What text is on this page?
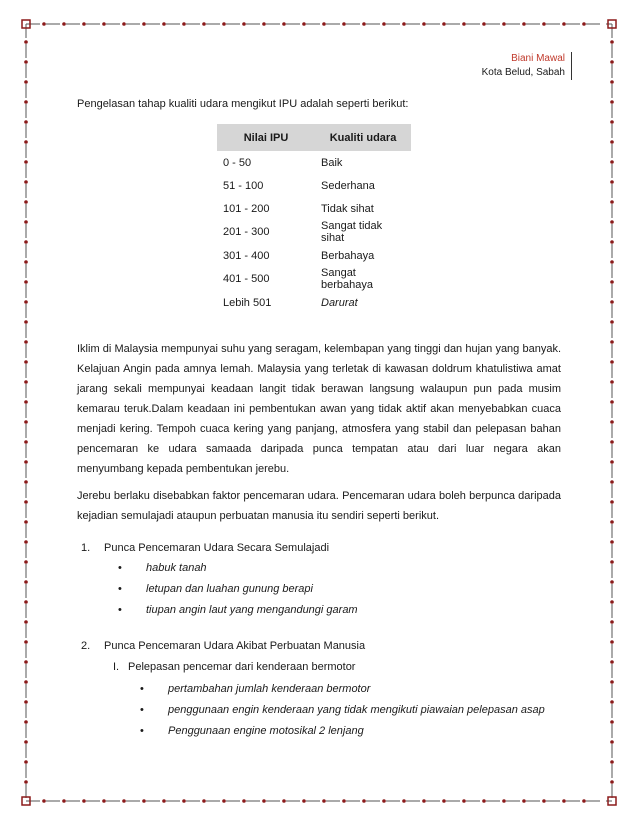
Biani Mawal
Kota Belud, Sabah
Pengelasan tahap kualiti udara mengikut IPU adalah seperti berikut:
Nilai IPU	Kualiti udara
0 - 50	Baik
51 - 100	Sederhana
101 - 200	Tidak sihat
201 - 300	Sangat tidak sihat
301 - 400	Berbahaya
401 - 500	Sangat berbahaya
Lebih 501	Darurat
Iklim di Malaysia mempunyai suhu yang seragam, kelembapan yang tinggi dan hujan yang banyak. Kelajuan Angin pada amnya lemah. Malaysia yang terletak di kawasan doldrum khatulistiwa amat jarang sekali mempunyai keadaan langit tidak berawan langsung walaupun pun pada musim kemarau teruk.Dalam keadaan ini pembentukan awan yang tidak aktif akan menyebabkan cuaca menjadi kering. Tempoh cuaca kering yang panjang, atmosfera yang stabil dan pelepasan bahan pencemaran ke udara samaada daripada punca tempatan atau dari luar negara akan menyumbang kepada pembentukan jerebu.
Jerebu berlaku disebabkan faktor pencemaran udara. Pencemaran udara boleh berpunca daripada kejadian semulajadi ataupun perbuatan manusia itu sendiri seperti berikut.
1. Punca Pencemaran Udara Secara Semulajadi
• habuk tanah
• letupan dan luahan gunung berapi
• tiupan angin laut yang mengandungi garam
2. Punca Pencemaran Udara Akibat Perbuatan Manusia
I. Pelepasan pencemar dari kenderaan bermotor
• pertambahan jumlah kenderaan bermotor
• penggunaan engin kenderaan yang tidak mengikuti piawaian pelepasan asap
• Penggunaan engine motosikal 2 lenjang
